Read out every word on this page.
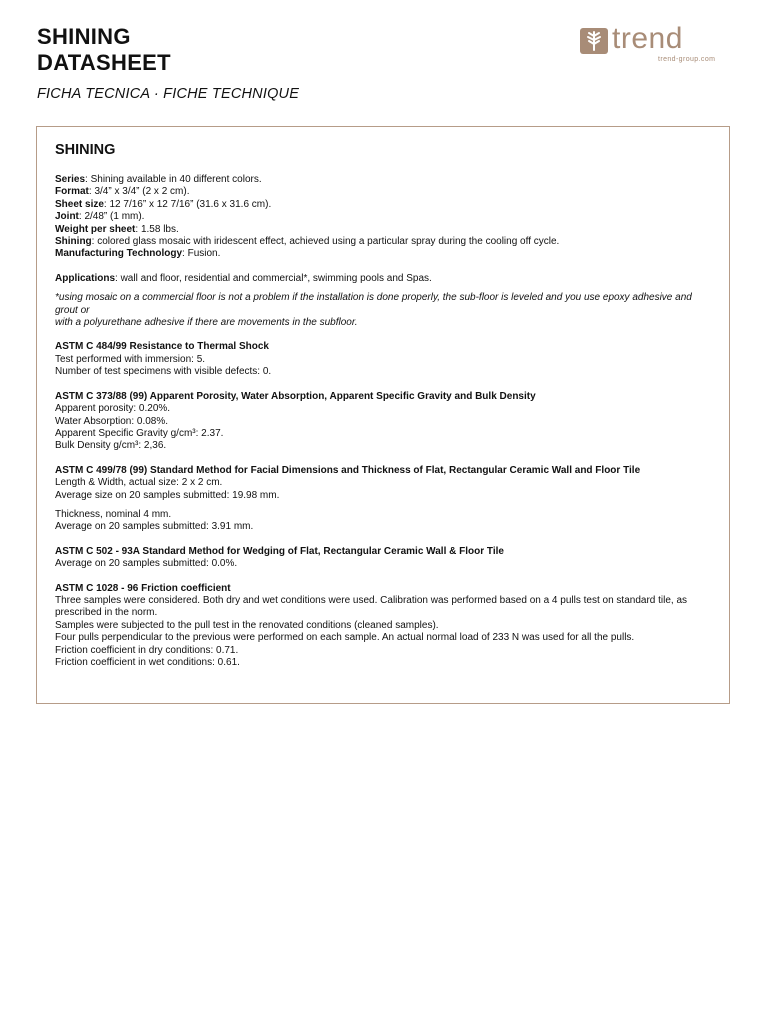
SHINING
DATASHEET
FICHA TECNICA · FICHE TECHNIQUE
trend
trend-group.com
SHINING
Series: Shining available in 40 different colors.
Format: 3/4” x 3/4” (2 x 2 cm).
Sheet size: 12 7/16” x 12 7/16” (31.6 x 31.6 cm).
Joint: 2/48” (1 mm).
Weight per sheet: 1.58 lbs.
Shining: colored glass mosaic with iridescent effect, achieved using a particular spray during the cooling off cycle.
Manufacturing Technology: Fusion.
Applications: wall and floor, residential and commercial*, swimming pools and Spas.
*using mosaic on a commercial floor is not a problem if the installation is done properly, the sub-floor is leveled and you use epoxy adhesive and grout or
with a polyurethane adhesive if there are movements in the subfloor.
ASTM C 484/99 Resistance to Thermal Shock
Test performed with immersion: 5.
Number of test specimens with visible defects: 0.
ASTM C 373/88 (99) Apparent Porosity, Water Absorption, Apparent Specific Gravity and Bulk Density
Apparent porosity: 0.20%.
Water Absorption: 0.08%.
Apparent Specific Gravity g/cm³: 2.37.
Bulk Density g/cm³: 2,36.
ASTM C 499/78 (99) Standard Method for Facial Dimensions and Thickness of Flat, Rectangular Ceramic Wall and Floor Tile
Length & Width, actual size: 2 x 2 cm.
Average size on 20 samples submitted: 19.98 mm.
Thickness, nominal 4 mm.
Average on 20 samples submitted: 3.91 mm.
ASTM C 502 - 93A Standard Method for Wedging of Flat, Rectangular Ceramic Wall & Floor Tile
Average on 20 samples submitted: 0.0%.
ASTM C 1028 - 96 Friction coefficient
Three samples were considered. Both dry and wet conditions were used. Calibration was performed based on a 4 pulls test on standard tile, as
prescribed in the norm.
Samples were subjected to the pull test in the renovated conditions (cleaned samples).
Four pulls perpendicular to the previous were performed on each sample. An actual normal load of 233 N was used for all the pulls.
Friction coefficient in dry conditions: 0.71.
Friction coefficient in wet conditions: 0.61.
